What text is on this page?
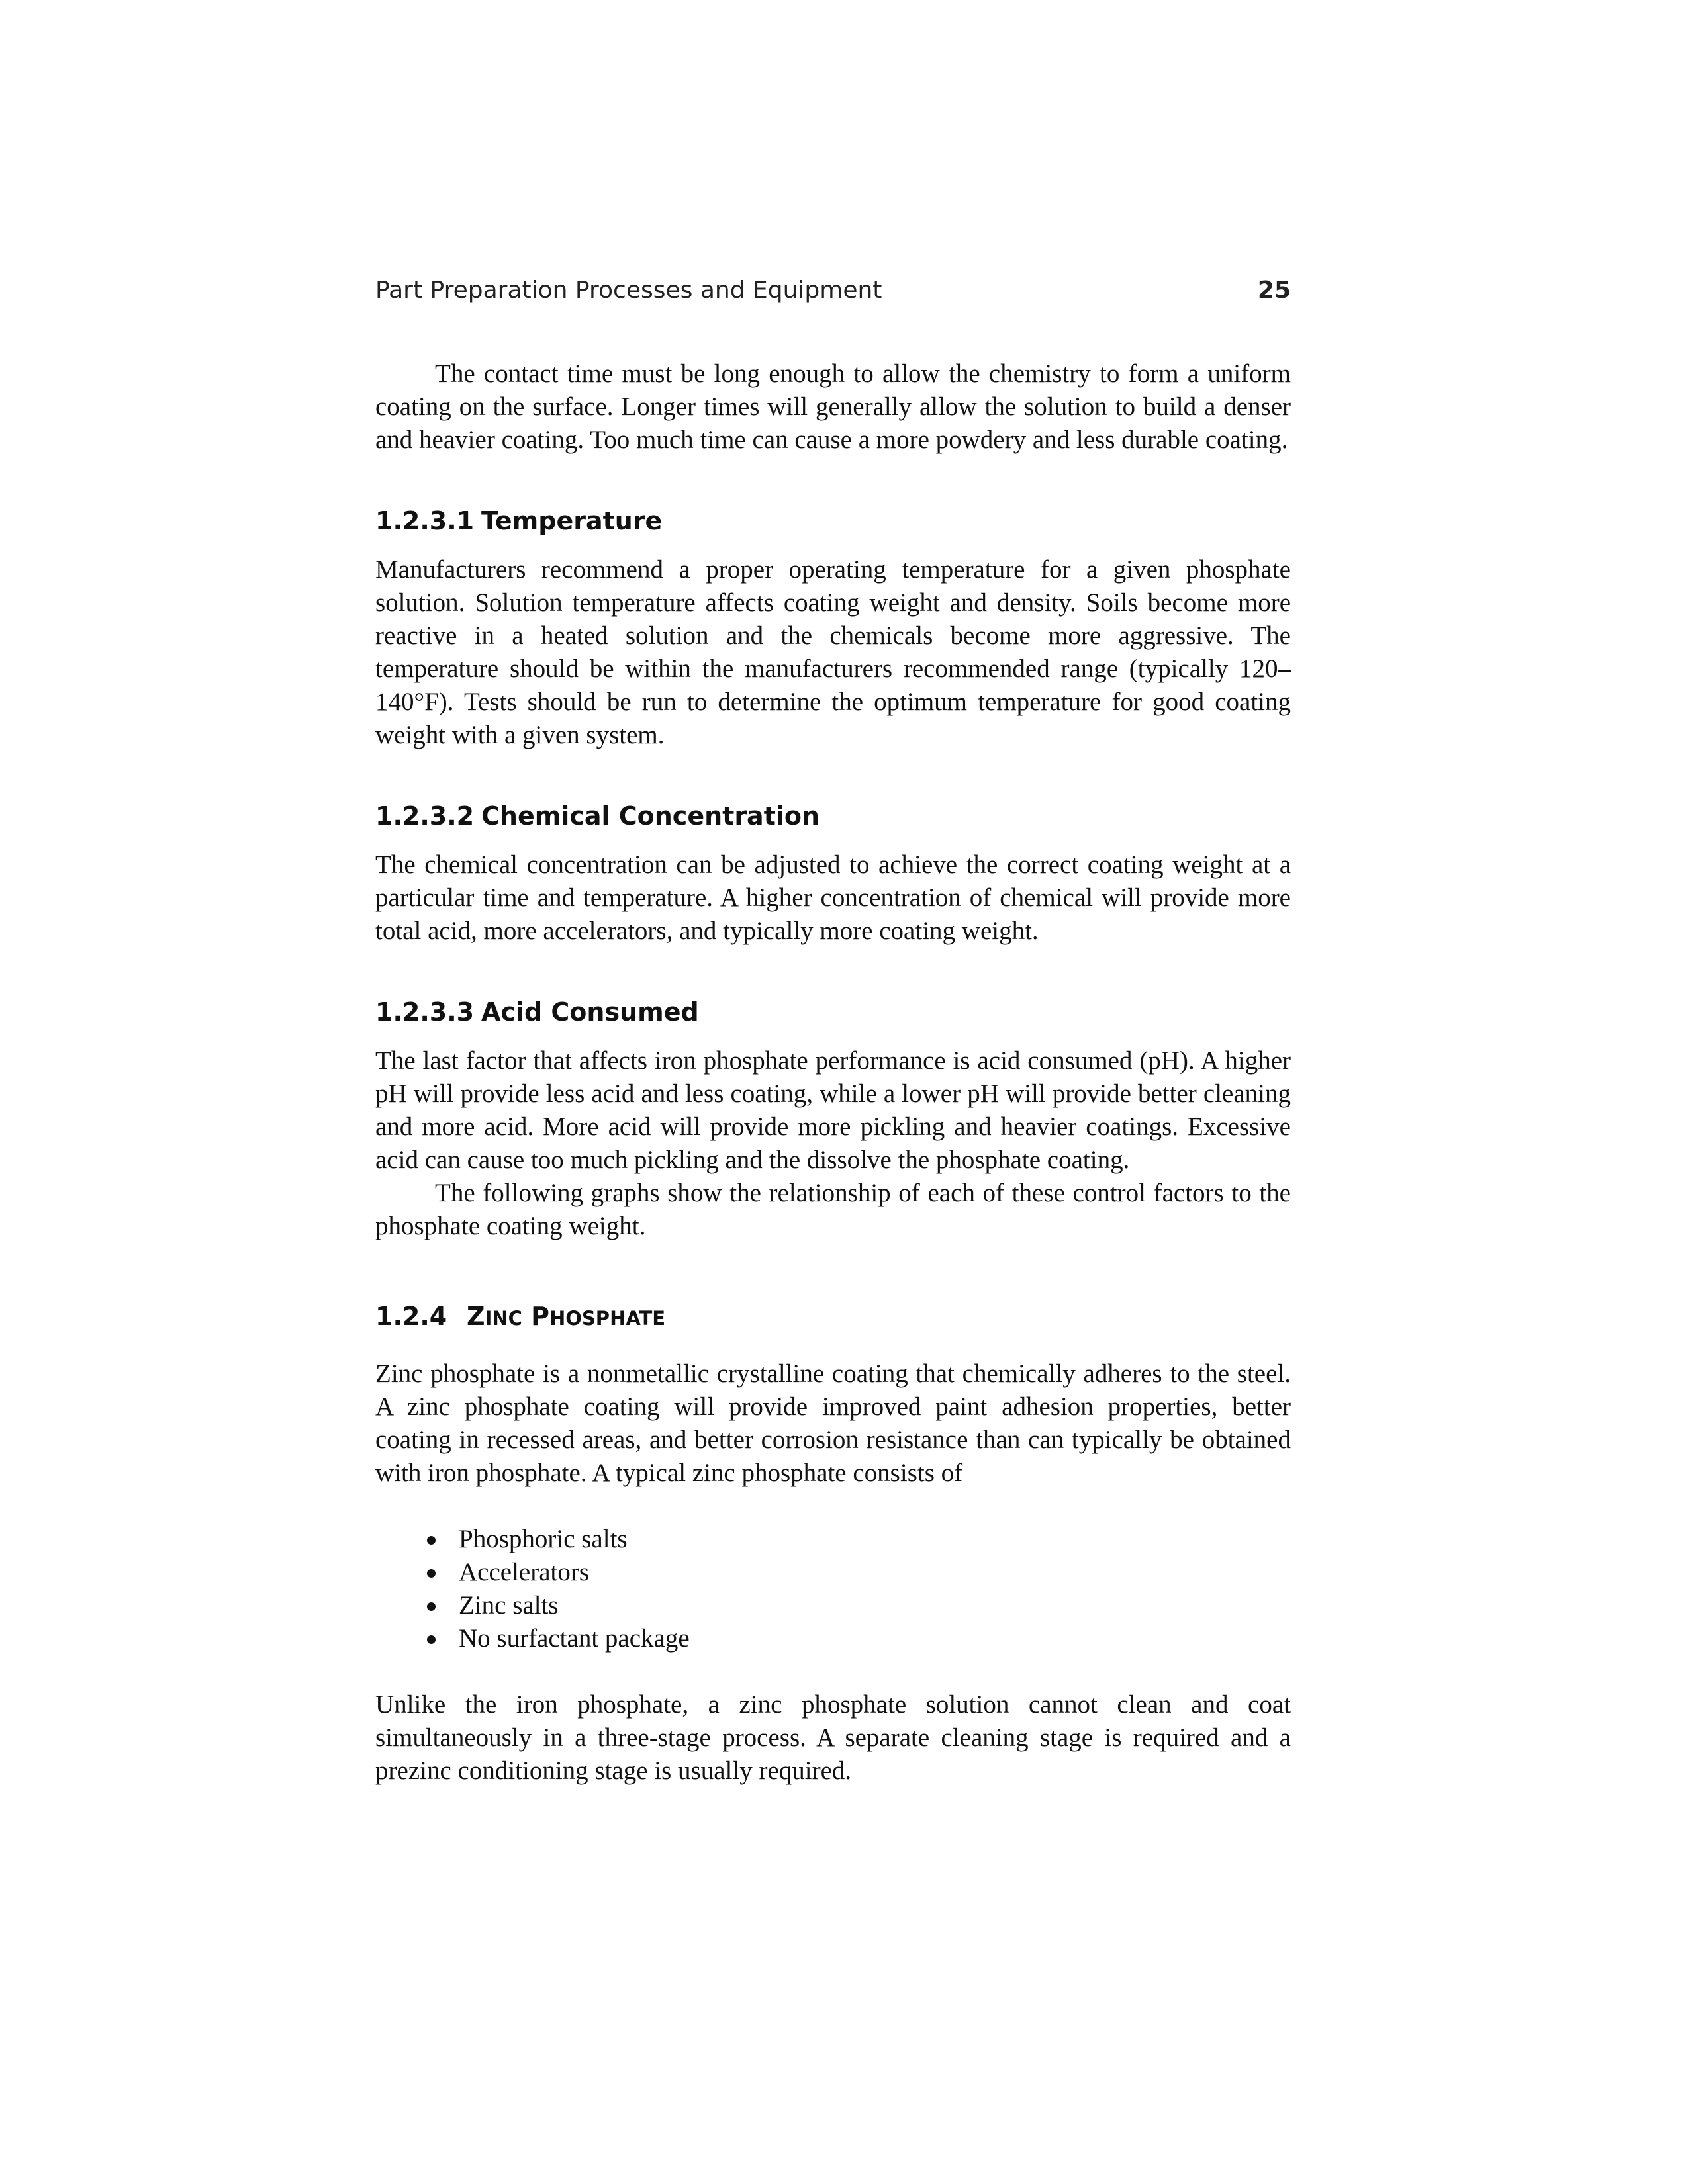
Part Preparation Processes and Equipment	25

The contact time must be long enough to allow the chemistry to form a uniform coating on the surface. Longer times will generally allow the solution to build a denser and heavier coating. Too much time can cause a more powdery and less durable coating.

1.2.3.1 Temperature

Manufacturers recommend a proper operating temperature for a given phosphate solution. Solution temperature affects coating weight and density. Soils become more reactive in a heated solution and the chemicals become more aggressive. The temperature should be within the manufacturers recommended range (typically 120–140°F). Tests should be run to determine the optimum temperature for good coating weight with a given system.

1.2.3.2 Chemical Concentration

The chemical concentration can be adjusted to achieve the correct coating weight at a particular time and temperature. A higher concentration of chemical will provide more total acid, more accelerators, and typically more coating weight.

1.2.3.3 Acid Consumed

The last factor that affects iron phosphate performance is acid consumed (pH). A higher pH will provide less acid and less coating, while a lower pH will provide better cleaning and more acid. More acid will provide more pickling and heavier coatings. Excessive acid can cause too much pickling and the dissolve the phosphate coating.

The following graphs show the relationship of each of these control factors to the phosphate coating weight.

1.2.4 ZINC PHOSPHATE

Zinc phosphate is a nonmetallic crystalline coating that chemically adheres to the steel. A zinc phosphate coating will provide improved paint adhesion properties, better coating in recessed areas, and better corrosion resistance than can typically be obtained with iron phosphate. A typical zinc phosphate consists of

Phosphoric salts
Accelerators
Zinc salts
No surfactant package

Unlike the iron phosphate, a zinc phosphate solution cannot clean and coat simultaneously in a three-stage process. A separate cleaning stage is required and a prezinc conditioning stage is usually required.
